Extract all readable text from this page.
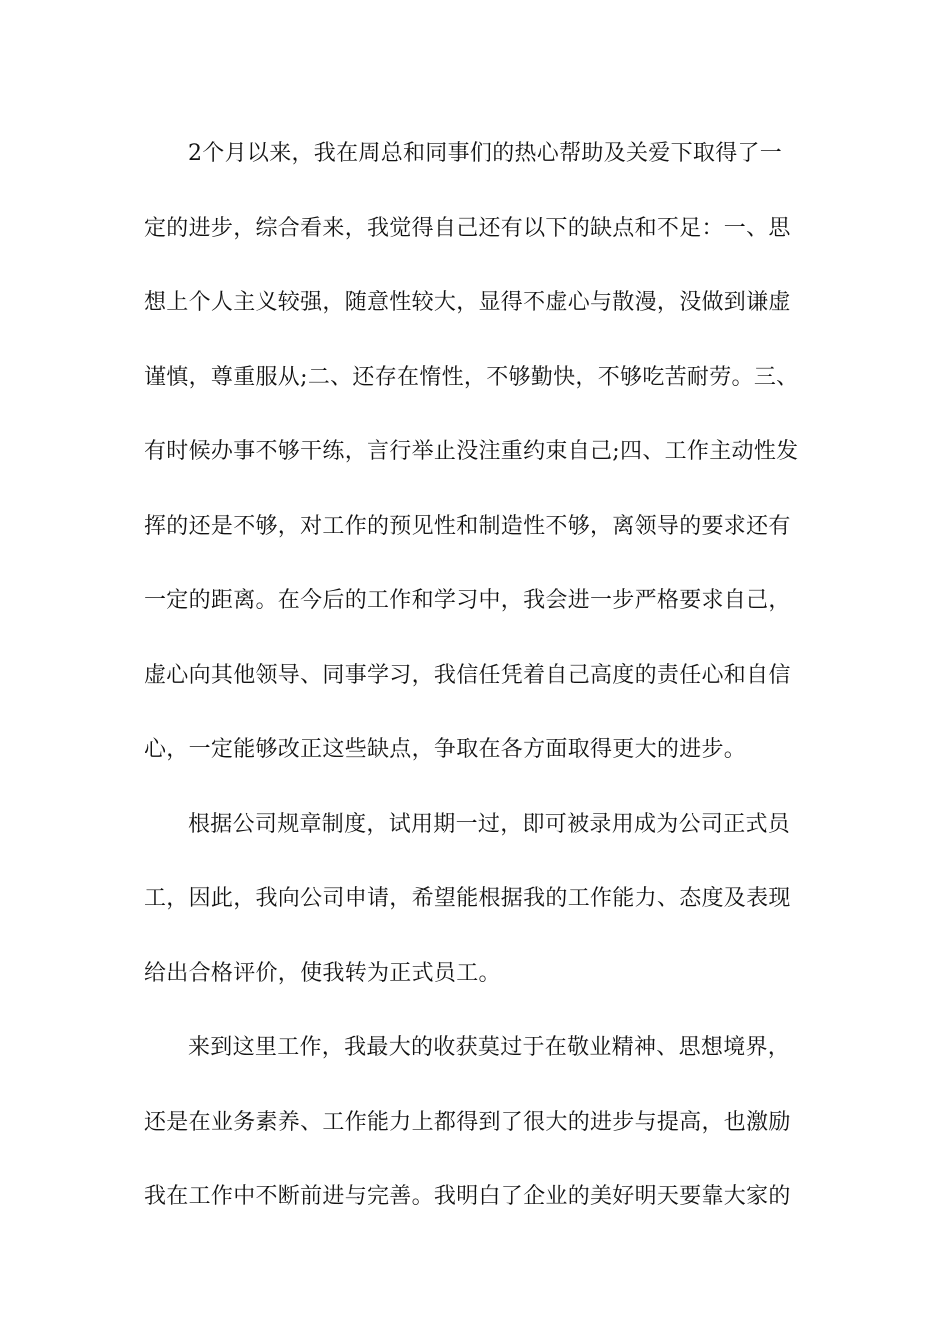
2个月以来，我在周总和同事们的热心帮助及关爱下取得了一
定的进步，综合看来，我觉得自己还有以下的缺点和不足：一、思
想上个人主义较强，随意性较大，显得不虚心与散漫，没做到谦虚
谨慎，尊重服从;二、还存在惰性，不够勤快，不够吃苦耐劳。三、
有时候办事不够干练，言行举止没注重约束自己;四、工作主动性发
挥的还是不够，对工作的预见性和制造性不够，离领导的要求还有
一定的距离。在今后的工作和学习中，我会进一步严格要求自己，
虚心向其他领导、同事学习，我信任凭着自己高度的责任心和自信
心，一定能够改正这些缺点，争取在各方面取得更大的进步。
根据公司规章制度，试用期一过，即可被录用成为公司正式员
工，因此，我向公司申请，希望能根据我的工作能力、态度及表现
给出合格评价，使我转为正式员工。
来到这里工作，我最大的收获莫过于在敬业精神、思想境界，
还是在业务素养、工作能力上都得到了很大的进步与提高，也激励
我在工作中不断前进与完善。我明白了企业的美好明天要靠大家的
